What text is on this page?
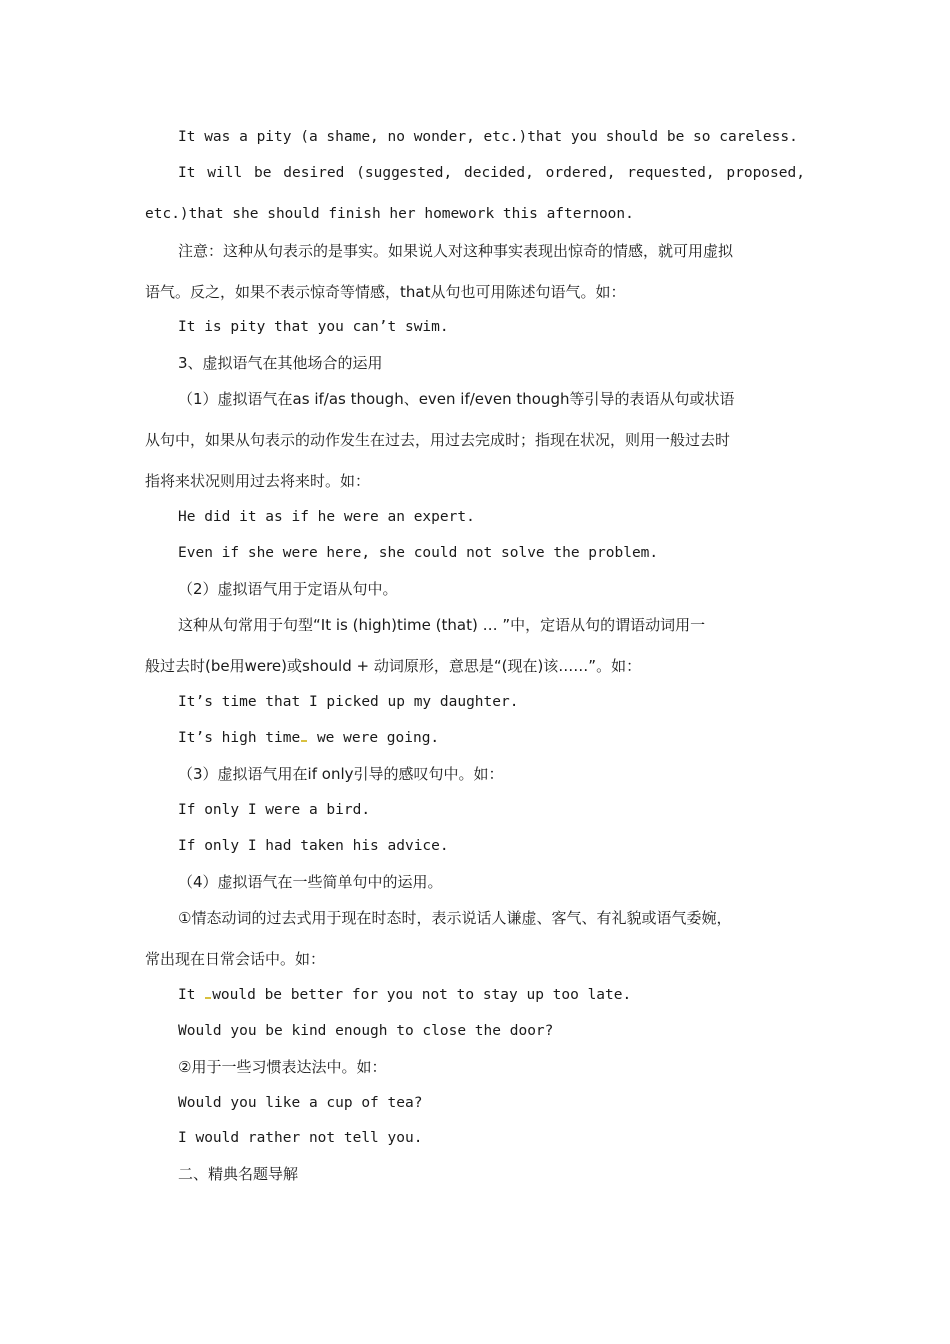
It was a pity (a shame, no wonder, etc.)that you should be so careless.
It will be desired (suggested, decided, ordered, requested, proposed,
etc.)that she should finish her homework this afternoon.
注意：这种从句表示的是事实。如果说人对这种事实表现出惊奇的情感，就可用虚拟
语气。反之，如果不表示惊奇等情感，that从句也可用陈述句语气。如：
It is pity that you can’t swim.
3、虚拟语气在其他场合的运用
（1）虚拟语气在as if/as though、even if/even though等引导的表语从句或状语
从句中，如果从句表示的动作发生在过去，用过去完成时；指现在状况，则用一般过去时
指将来状况则用过去将来时。如：
He did it as if he were an expert.
Even if she were here, she could not solve the problem.
（2）虚拟语气用于定语从句中。
这种从句常用于句型“It is (high)time (that) … ”中，定语从句的谓语动词用一
般过去时(be用were)或should + 动词原形，意思是“(现在)该……”。如：
It’s time that I picked up my daughter.
It’s high time we were going.
（3）虚拟语气用在if only引导的感叹句中。如：
If only I were a bird.
If only I had taken his advice.
（4）虚拟语气在一些简单句中的运用。
①情态动词的过去式用于现在时态时，表示说话人谦虚、客气、有礼貌或语气委婉，
常出现在日常会话中。如：
It would be better for you not to stay up too late.
Would you be kind enough to close the door?
②用于一些习惯表达法中。如：
Would you like a cup of tea?
I would rather not tell you.
二、精典名题导解
